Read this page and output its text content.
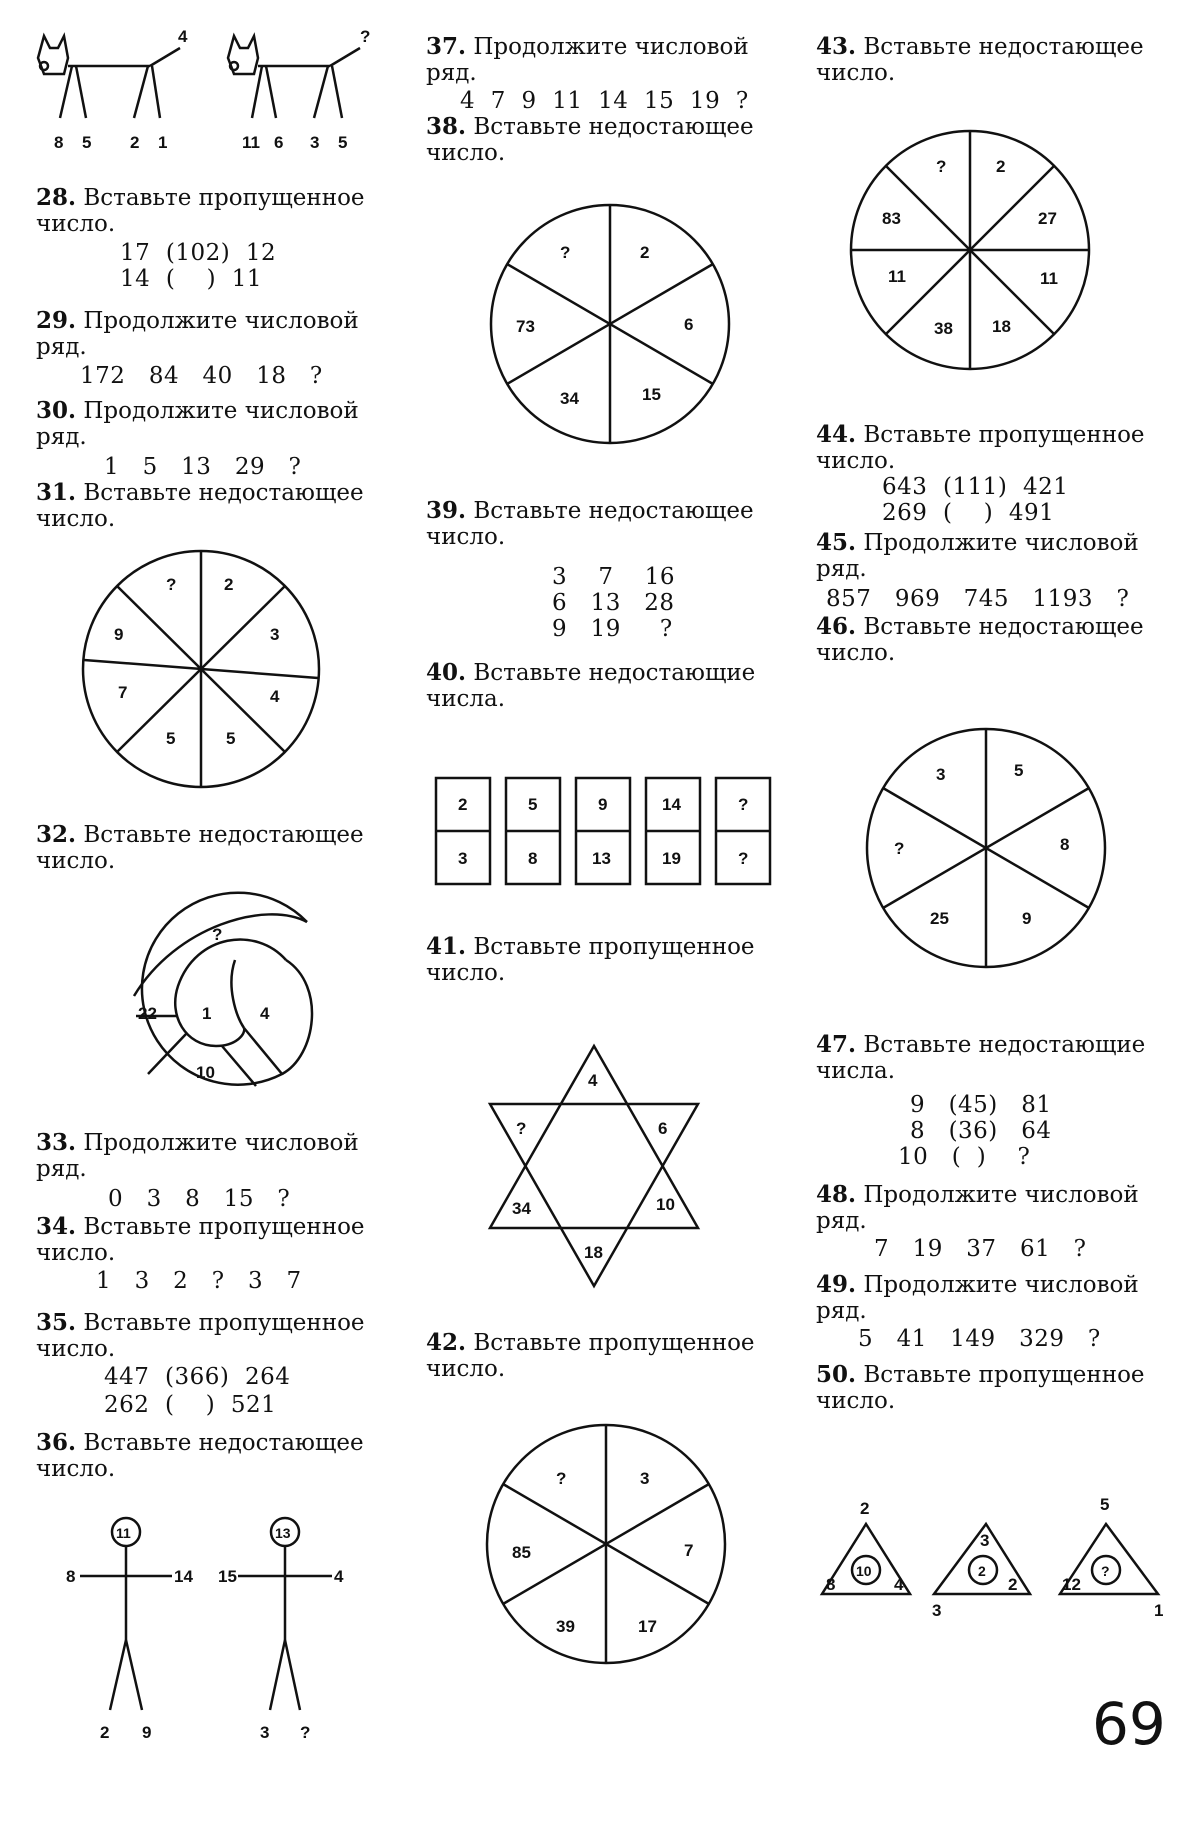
8 5 2 1
4
11 6 3 5
?
28. Вставьте пропущенное число.
17  (102)  12
14  (    )  11
29. Продолжите числовой ряд.
172   84   40   18   ?
30. Продолжите числовой ряд.
1   5   13   29   ?
31. Вставьте недостающее число.
?	2
3
4
5
5
7
9
32. Вставьте недостающее число.
?
22	1	4
10
33. Продолжите числовой ряд.
0   3   8   15   ?
34. Вставьте пропущенное число.
1   3   2   ?   3   7
35. Вставьте пропущенное число.
447  (366)  264
262  (    )  521
36. Вставьте недостающее число.
11
8	14
2 9
13
15	4
3 ?
37. Продолжите числовой ряд.
4  7  9  11  14  15  19  ?
38. Вставьте недостающее число.
?	2
6
15
34
73
39. Вставьте недостающее число.
3    7    16
6   13   28
9   19     ?
40. Вставьте недостающие числа.
2	5	9	14	?
3	8	13	19	?
41. Вставьте пропущенное число.
4
?	6
34	10
18
42. Вставьте пропущенное число.
?	3
7
17
39
85
43. Вставьте недостающее число.
?	2
27
11
18
38
11
83
44. Вставьте пропущенное число.
643  (111)  421
269  (    )  491
45. Продолжите числовой ряд.
857   969   745   1193   ?
46. Вставьте недостающее число.
3	5
8
9
25
?
47. Вставьте недостающие числа.
9   (45)   81
8   (36)   64
10   (  )    ?
48. Продолжите числовой ряд.
7   19   37   61   ?
49. Продолжите числовой ряд.
5   41   149   329   ?
50. Вставьте пропущенное число.
2
8	4
10
3
3
2
2
5
12
1
?
69
